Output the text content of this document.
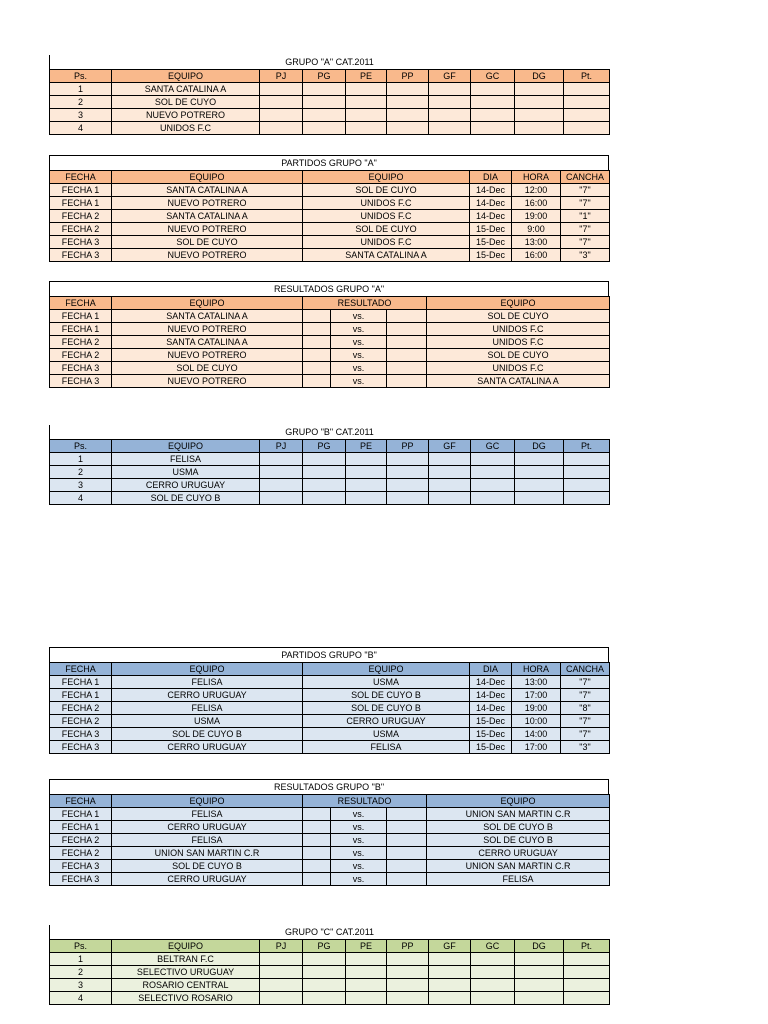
GRUPO "A" CAT.2011
Ps.	EQUIPO	PJ	PG	PE	PP	GF	GC	DG	Pt.
1	SANTA CATALINA A								
2	SOL DE CUYO								
3	NUEVO POTRERO								
4	UNIDOS F.C								
PARTIDOS GRUPO "A"
FECHA	EQUIPO	EQUIPO	DIA	HORA	CANCHA
FECHA 1	SANTA CATALINA A	SOL DE CUYO	14-Dec	12:00	"7"
FECHA 1	NUEVO POTRERO	UNIDOS F.C	14-Dec	16:00	"7"
FECHA 2	SANTA CATALINA A	UNIDOS F.C	14-Dec	19:00	"1"
FECHA 2	NUEVO POTRERO	SOL DE CUYO	15-Dec	9:00	"7"
FECHA 3	SOL DE CUYO	UNIDOS F.C	15-Dec	13:00	"7"
FECHA 3	NUEVO POTRERO	SANTA CATALINA A	15-Dec	16:00	"3"
RESULTADOS GRUPO "A"
FECHA	EQUIPO	RESULTADO			EQUIPO
FECHA 1	SANTA CATALINA A		vs.		SOL DE CUYO
FECHA 1	NUEVO POTRERO		vs.		UNIDOS F.C
FECHA 2	SANTA CATALINA A		vs.		UNIDOS F.C
FECHA 2	NUEVO POTRERO		vs.		SOL DE CUYO
FECHA 3	SOL DE CUYO		vs.		UNIDOS F.C
FECHA 3	NUEVO POTRERO		vs.		SANTA CATALINA A
GRUPO "B" CAT.2011
Ps.	EQUIPO	PJ	PG	PE	PP	GF	GC	DG	Pt.
1	FELISA								
2	USMA								
3	CERRO URUGUAY								
4	SOL DE CUYO B								
PARTIDOS GRUPO "B"
FECHA	EQUIPO	EQUIPO	DIA	HORA	CANCHA
FECHA 1	FELISA	USMA	14-Dec	13:00	"7"
FECHA 1	CERRO URUGUAY	SOL DE CUYO B	14-Dec	17:00	"7"
FECHA 2	FELISA	SOL DE CUYO B	14-Dec	19:00	"8"
FECHA 2	USMA	CERRO URUGUAY	15-Dec	10:00	"7"
FECHA 3	SOL DE CUYO B	USMA	15-Dec	14:00	"7"
FECHA 3	CERRO URUGUAY	FELISA	15-Dec	17:00	"3"
RESULTADOS GRUPO "B"
FECHA	EQUIPO	RESULTADO			EQUIPO
FECHA 1	FELISA		vs.		UNION SAN MARTIN C.R
FECHA 1	CERRO URUGUAY		vs.		SOL DE CUYO B
FECHA 2	FELISA		vs.		SOL DE CUYO B
FECHA 2	UNION SAN MARTIN C.R		vs.		CERRO URUGUAY
FECHA 3	SOL DE CUYO B		vs.		UNION SAN MARTIN C.R
FECHA 3	CERRO URUGUAY		vs.		FELISA
GRUPO "C" CAT.2011
Ps.	EQUIPO	PJ	PG	PE	PP	GF	GC	DG	Pt.
1	BELTRAN F.C								
2	SELECTIVO URUGUAY								
3	ROSARIO CENTRAL								
4	SELECTIVO ROSARIO								
